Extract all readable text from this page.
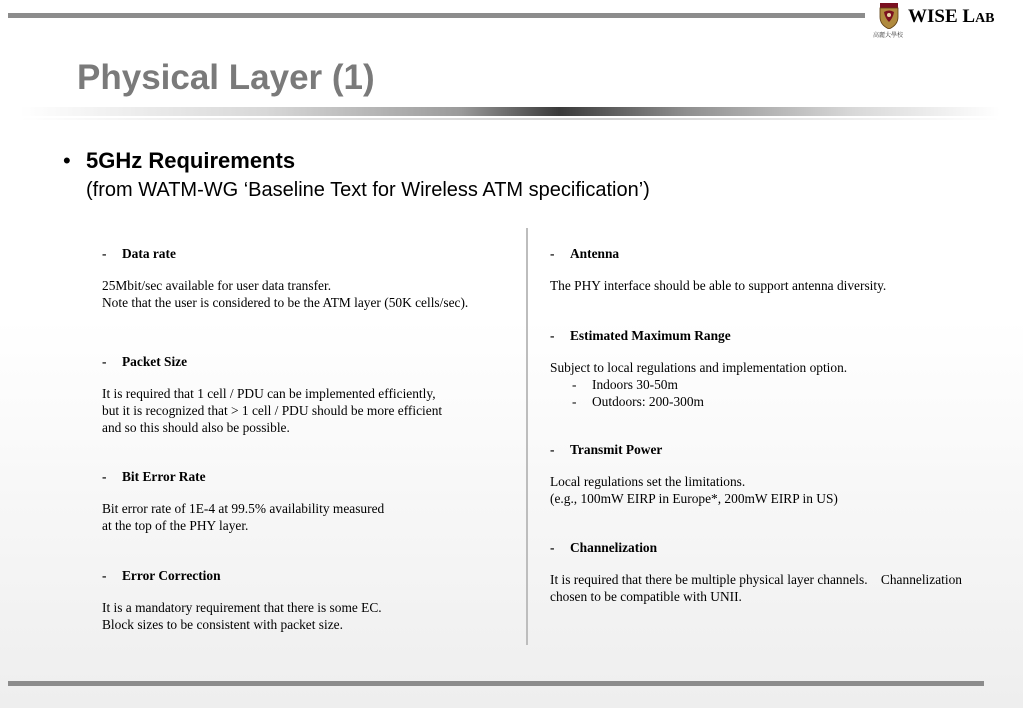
高麗大學校
WISE LAB
Physical Layer (1)
• 5GHz Requirements
(from WATM-WG ‘Baseline Text for Wireless ATM specification’)
- Data rate
25Mbit/sec available for user data transfer.
Note that the user is considered to be the ATM layer (50K cells/sec).
- Packet Size
It is required that 1 cell / PDU can be implemented efficiently,
but it is recognized that > 1 cell / PDU should be more efficient
and so this should also be possible.
- Bit Error Rate
Bit error rate of 1E-4 at 99.5% availability measured
at the top of the PHY layer.
- Error Correction
It is a mandatory requirement that there is some EC.
Block sizes to be consistent with packet size.
- Antenna
The PHY interface should be able to support antenna diversity.
- Estimated Maximum Range
Subject to local regulations and implementation option.
- Indoors 30-50m
- Outdoors: 200-300m
- Transmit Power
Local regulations set the limitations.
(e.g., 100mW EIRP in Europe*, 200mW EIRP in US)
- Channelization
It is required that there be multiple physical layer channels.    Channelization
chosen to be compatible with UNII.
